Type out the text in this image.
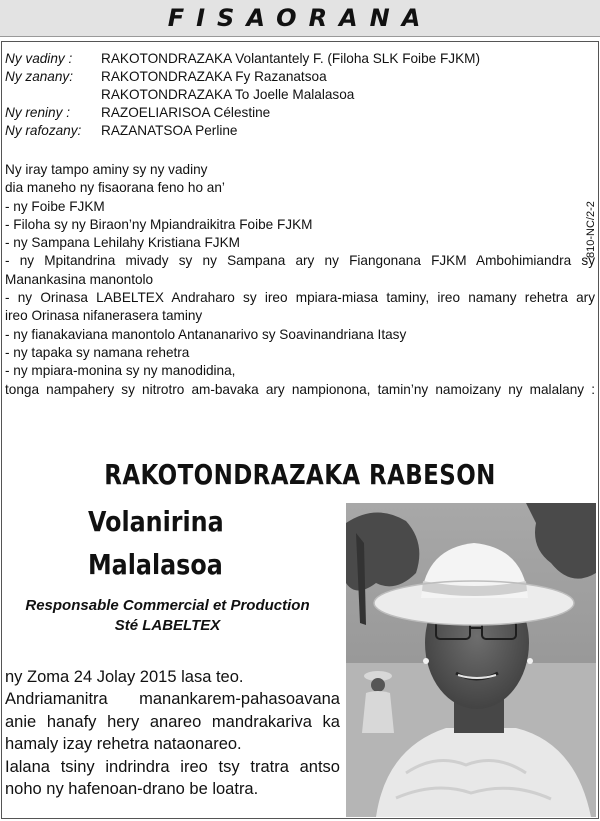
FISAORANA
810-NC/2-2
Ny vadiny : RAKOTONDRAZAKA Volantantely F. (Filoha SLK Foibe FJKM)
Ny zanany: RAKOTONDRAZAKA Fy Razanatsoa
RAKOTONDRAZAKA To Joelle Malalasoa
Ny reniny : RAZOELIARISOA Célestine
Ny rafozany: RAZANATSOA Perline
Ny iray tampo aminy sy ny vadiny
dia maneho ny fisaorana feno ho an’
- ny Foibe FJKM
- Filoha sy ny Biraon’ny Mpiandraikitra Foibe FJKM
- ny Sampana Lehilahy Kristiana FJKM
- ny Mpitandrina mivady sy ny Sampana ary ny Fiangonana FJKM Ambohimiandra sy
Manankasina manontolo
- ny Orinasa LABELTEX Andraharo sy ireo mpiara-miasa taminy, ireo namany rehetra ary
ireo Orinasa nifanerasera taminy
- ny fianakaviana manontolo Antananarivo sy Soavinandriana Itasy
- ny tapaka sy namana rehetra
- ny mpiara-monina sy ny manodidina,
tonga nampahery sy nitrotro am-bavaka ary nampionona, tamin’ny namoizany ny malalany :
RAKOTONDRAZAKA RABESON
Volanirina
Malalasoa
Responsable Commercial et Production
Sté LABELTEX
ny Zoma 24 Jolay 2015 lasa teo.
Andriamanitra manankarem-pahasoavana
anie hanafy hery anareo mandrakariva ka
hamaly izay rehetra nataonareo.
Ialana tsiny indrindra ireo tsy tratra antso
noho ny hafenoan-drano be loatra.
